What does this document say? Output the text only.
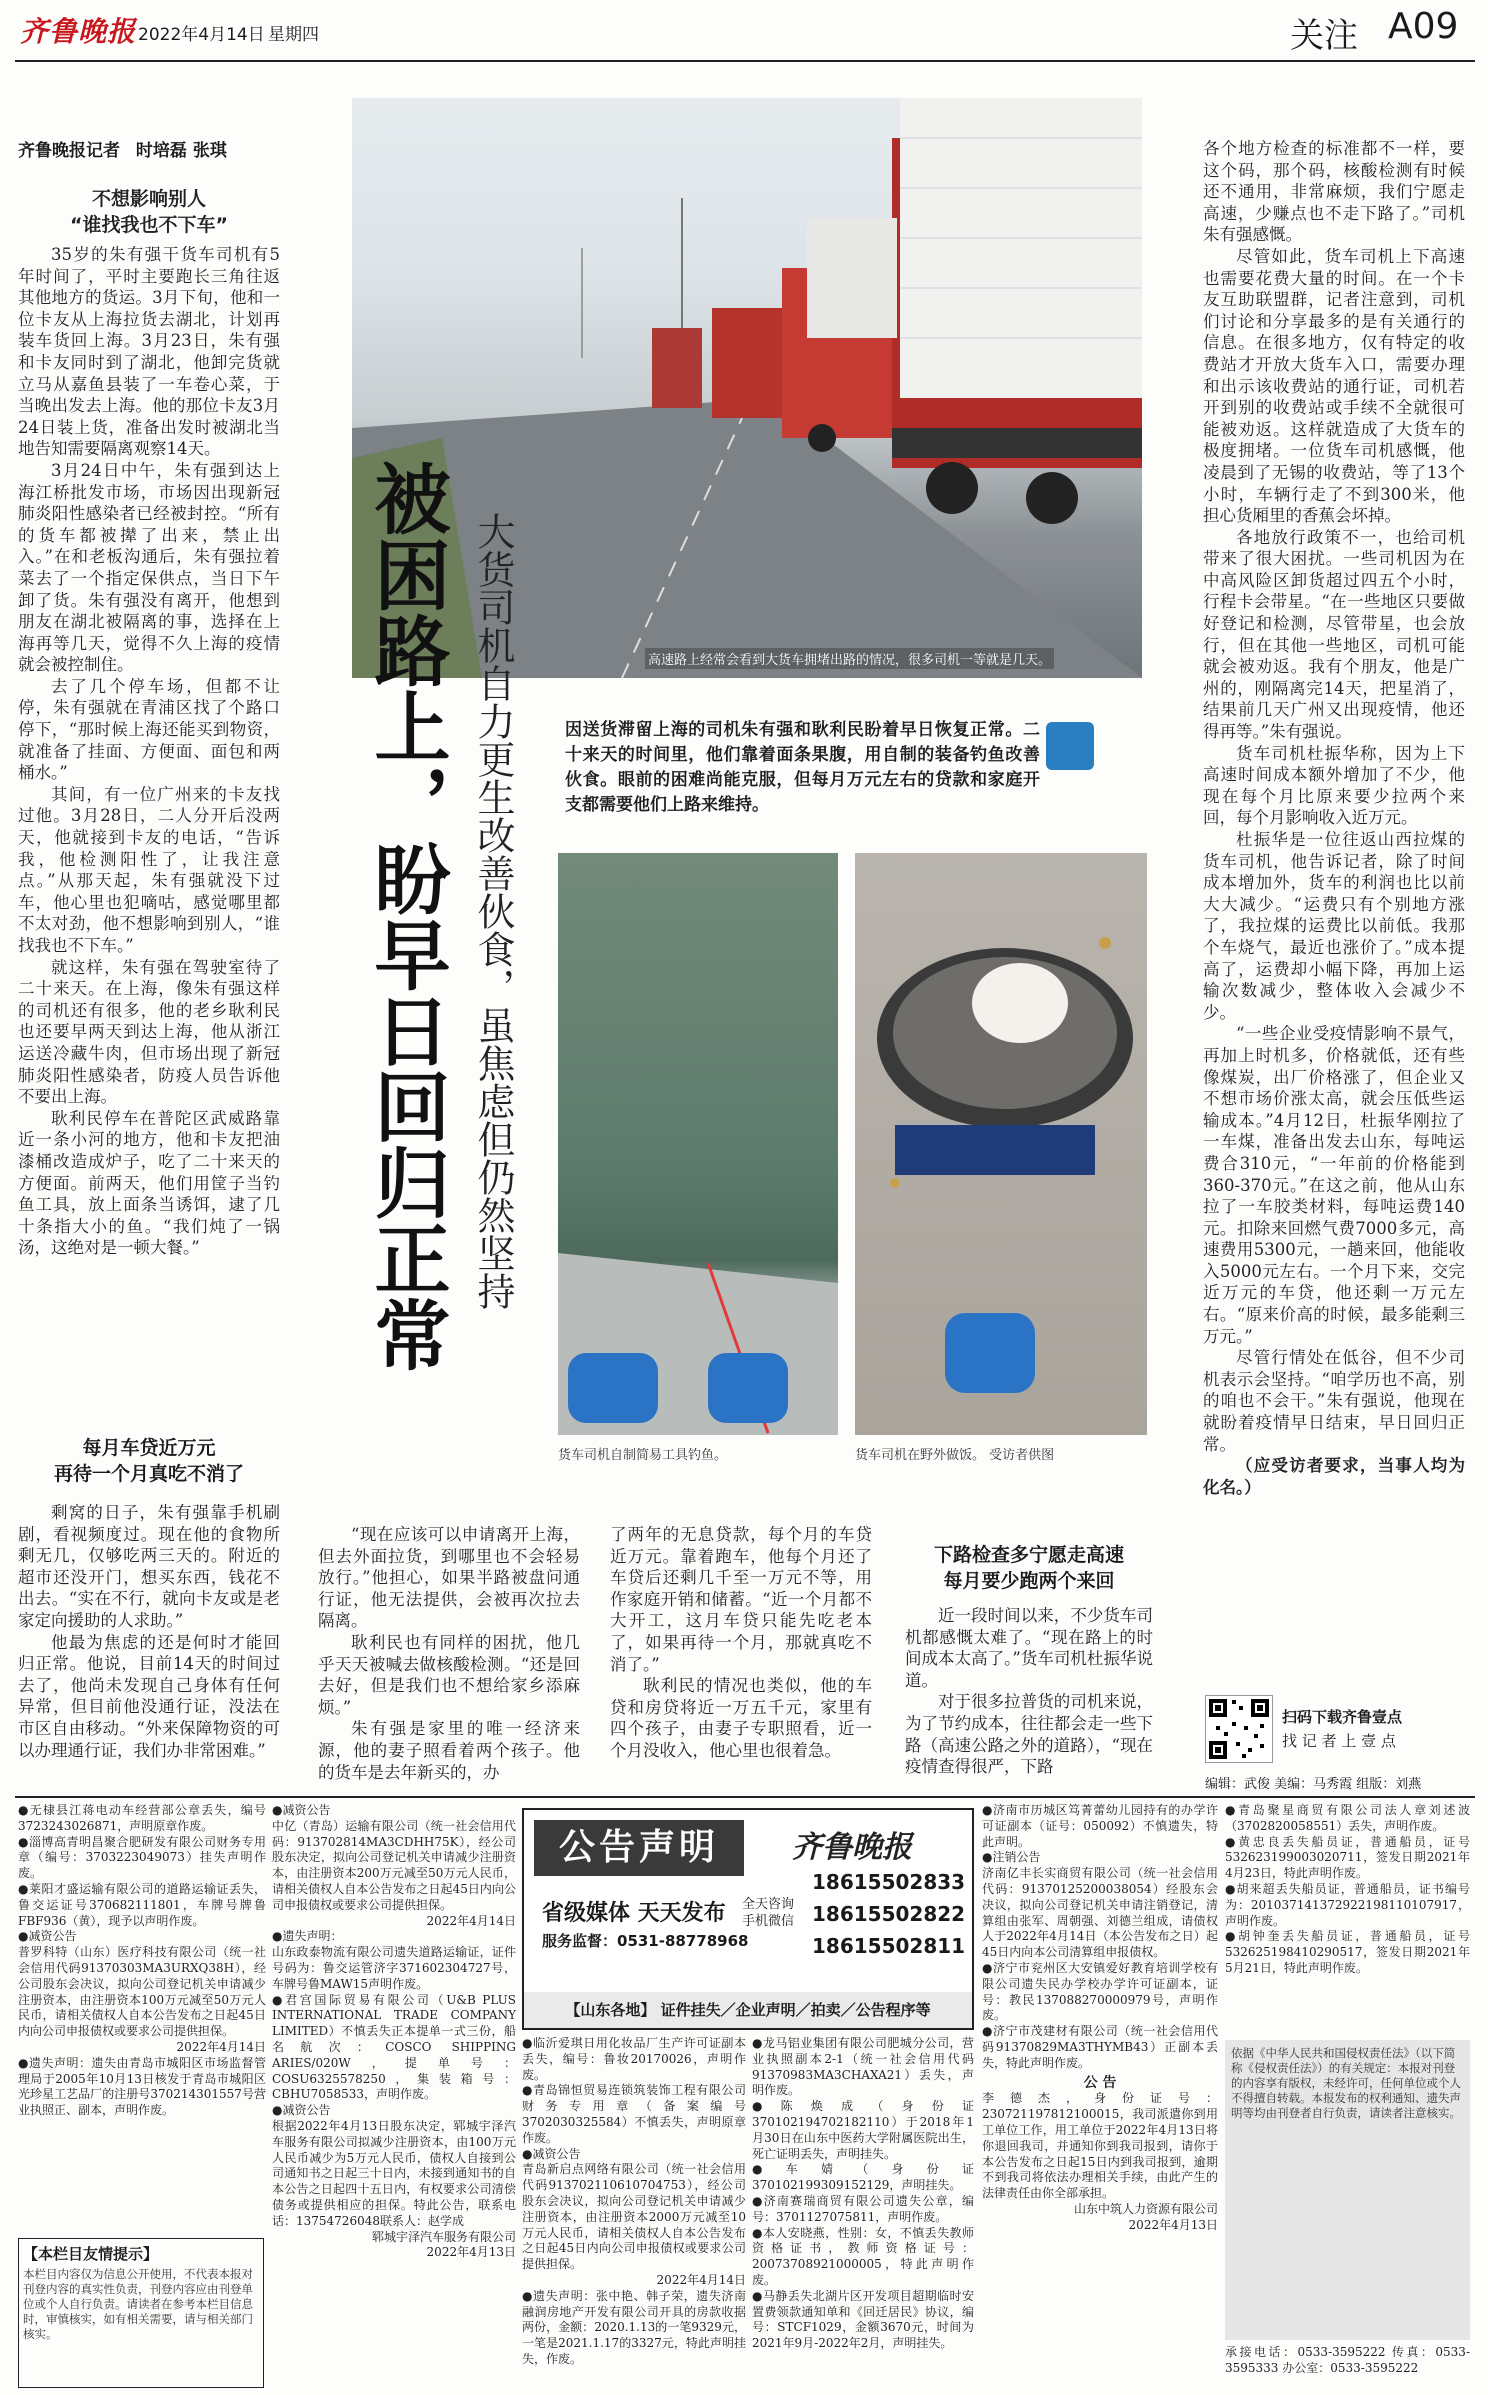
齐鲁晚报 2022年4月14日 星期四	关注 A09
齐鲁晚报记者 时培磊 张琪
不想影响别人
“谁找我也不下车”

35岁的朱有强干货车司机有5年时间了，平时主要跑长三角往返其他地方的货运。3月下旬，他和一位卡友从上海拉货去湖北，计划再装车货回上海。3月23日，朱有强和卡友同时到了湖北，他卸完货就立马从嘉鱼县装了一车卷心菜，于当晚出发去上海。他的那位卡友3月24日装上货，准备出发时被湖北当地告知需要隔离观察14天。

3月24日中午，朱有强到达上海江桥批发市场，市场因出现新冠肺炎阳性感染者已经被封控。“所有的货车都被撵了出来，禁止出入。”在和老板沟通后，朱有强拉着菜去了一个指定保供点，当日下午卸了货。朱有强没有离开，他想到朋友在湖北被隔离的事，选择在上海再等几天，觉得不久上海的疫情就会被控制住。

去了几个停车场，但都不让停，朱有强就在青浦区找了个路口停下，“那时候上海还能买到物资，就准备了挂面、方便面、面包和两桶水。”

其间，有一位广州来的卡友找过他。3月28日，二人分开后没两天，他就接到卡友的电话，“告诉我，他检测阳性了，让我注意点。”从那天起，朱有强就没下过车，他心里也犯嘀咕，感觉哪里都不太对劲，他不想影响到别人，“谁找我也不下车。”

就这样，朱有强在驾驶室待了二十来天。在上海，像朱有强这样的司机还有很多，他的老乡耿利民也还要早两天到达上海，他从浙江运送冷藏牛肉，但市场出现了新冠肺炎阳性感染者，防疫人员告诉他不要出上海。

耿利民停车在普陀区武威路靠近一条小河的地方，他和卡友把油漆桶改造成炉子，吃了二十来天的方便面。前两天，他们用筐子当钓鱼工具，放上面条当诱饵，逮了几十条指大小的鱼。“我们炖了一锅汤，这绝对是一顿大餐。”

每月车贷近万元
再待一个月真吃不消了
高速路上经常会看到大货车拥堵出路的情况，很多司机一等就是几天。
被困路上，盼早日回归正常 大货司机自力更生改善伙食，虽焦虑但仍然坚持	因送货滞留上海的司机朱有强和耿利民盼着早日恢复正常。二十来天的时间里，他们靠着面条果腹，用自制的装备钓鱼改善伙食。眼前的困难尚能克服，但每月万元左右的贷款和家庭开支都需要他们上路来维持。
货车司机自制简易工具钓鱼。	货车司机在野外做饭。 受访者供图

剩窝的日子，朱有强靠手机刷剧，看视频度过。现在他的食物所剩无几，仅够吃两三天的。附近的超市还没开门，想买东西，钱花不出去。“实在不行，就向卡友或是老家定向援助的人求助。”

他最为焦虑的还是何时才能回归正常。他说，目前14天的时间过去了，他尚未发现自己身体有任何异常，但目前他没通行证，没法在市区自由移动。“外来保障物资的可以办理通行证，我们办非常困难。”

“现在应该可以申请离开上海，但去外面拉货，到哪里也不会轻易放行。”他担心，如果半路被盘问通行证，他无法提供，会被再次拉去隔离。

耿利民也有同样的困扰，他几乎天天被喊去做核酸检测。“还是回去好，但是我们也不想给家乡添麻烦。”

朱有强是家里的唯一经济来源，他的妻子照看着两个孩子。他的货车是去年新买的，办

了两年的无息贷款，每个月的车贷近万元。靠着跑车，他每个月还了车贷后还剩几千至一万元不等，用作家庭开销和储蓄。“近一个月都不大开工，这月车贷只能先吃老本了，如果再待一个月，那就真吃不消了。”

耿利民的情况也类似，他的车贷和房贷将近一万五千元，家里有四个孩子，由妻子专职照看，近一个月没收入，他心里也很着急。

下路检查多宁愿走高速
每月要少跑两个来回

近一段时间以来，不少货车司机都感慨太难了。“现在路上的时间成本太高了。”货车司机杜振华说道。

对于很多拉普货的司机来说，为了节约成本，往往都会走一些下路（高速公路之外的道路），“现在疫情查得很严，下路

各个地方检查的标准都不一样，要这个码，那个码，核酸检测有时候还不通用，非常麻烦，我们宁愿走高速，少赚点也不走下路了。”司机朱有强感慨。

尽管如此，货车司机上下高速也需要花费大量的时间。在一个卡友互助联盟群，记者注意到，司机们讨论和分享最多的是有关通行的信息。在很多地方，仅有特定的收费站才开放大货车入口，需要办理和出示该收费站的通行证，司机若开到别的收费站或手续不全就很可能被劝返。这样就造成了大货车的极度拥堵。一位货车司机感慨，他凌晨到了无锡的收费站，等了13个小时，车辆行走了不到300米，他担心货厢里的香蕉会坏掉。

各地放行政策不一，也给司机带来了很大困扰。一些司机因为在中高风险区卸货超过四五个小时，行程卡会带星。“在一些地区只要做好登记和检测，尽管带星，也会放行，但在其他一些地区，司机可能就会被劝返。我有个朋友，他是广州的，刚隔离完14天，把星消了，结果前几天广州又出现疫情，他还得再等。”朱有强说。

货车司机杜振华称，因为上下高速时间成本额外增加了不少，他现在每个月比原来要少拉两个来回，每个月影响收入近万元。

杜振华是一位往返山西拉煤的货车司机，他告诉记者，除了时间成本增加外，货车的利润也比以前大大减少。“运费只有个别地方涨了，我拉煤的运费比以前低。我那个车烧气，最近也涨价了。”成本提高了，运费却小幅下降，再加上运输次数减少，整体收入会减少不少。

“一些企业受疫情影响不景气，再加上时机多，价格就低，还有些像煤炭，出厂价格涨了，但企业又不想市场价涨太高，就会压低些运输成本。”4月12日，杜振华刚拉了一车煤，准备出发去山东，每吨运费合310元，“一年前的价格能到360-370元。”在这之前，他从山东拉了一车胶类材料，每吨运费140元。扣除来回燃气费7000多元，高速费用5300元，一趟来回，他能收入5000元左右。一个月下来，交完近万元的车贷，他还剩一万元左右。“原来价高的时候，最多能剩三万元。”

尽管行情处在低谷，但不少司机表示会坚持。“咱学历也不高，别的咱也不会干。”朱有强说，他现在就盼着疫情早日结束，早日回归正常。

（应受访者要求，当事人均为化名。）

扫码下载齐鲁壹点
找 记 者 上 壹 点
编辑：武俊 美编：马秀霞 组版：刘燕

●无棣县江蒋电动车经营部公章丢失，编号3723243026871，声明原章作废。

●淄博高青明昌聚合肥研发有限公司财务专用章（编号：3703223049073）挂失声明作废。

●莱阳才盛运输有限公司的道路运输证丢失，鲁交运证号370682111801，车牌号牌鲁FBF936（黄），现予以声明作废。

●减资公告

普罗科特（山东）医疗科技有限公司（统一社会信用代码91370303MA3URXQ38H），经公司股东会决议，拟向公司登记机关申请减少注册资本，由注册资本100万元减至50万元人民币，请相关债权人自本公告发布之日起45日内向公司申报债权或要求公司提供担保。

2022年4月14日

●遗失声明：遗失由青岛市城阳区市场监督管理局于2005年10月13日核发于青岛市城阳区光珍星工艺品厂的注册号370214301557号营业执照正、副本，声明作废。

【本栏目友情提示】
本栏目内容仅为信息公开使用，不代表本报对刊登内容的真实性负责，刊登内容应由刊登单位或个人自行负责。请读者在参考本栏目信息时，审慎核实，如有相关需要，请与相关部门核实。

●减资公告

中亿（青岛）运输有限公司（统一社会信用代码：913702814MA3CDHH75K），经公司股东决定，拟向公司登记机关申请减少注册资本，由注册资本200万元减至50万元人民币，请相关债权人自本公告发布之日起45日内向公司申报债权或要求公司提供担保。

2022年4月14日

●遗失声明：

山东政泰物流有限公司遗失道路运输证，证件号码为：鲁交运管济字371602304727号，车牌号鲁MAW15声明作废。

●君宫国际贸易有限公司（U&B PLUS INTERNATIONAL TRADE COMPANY LIMITED）不慎丢失正本提单一式三份，船名航次：COSCO SHIPPING ARIES/020W，提单号：COSU6325578250，集装箱号：CBHU7058533，声明作废。

●减资公告

根据2022年4月13日股东决定，郓城宇泽汽车服务有限公司拟减少注册资本，由100万元人民币减少为5万元人民币，债权人自接到公司通知书之日起三十日内，未接到通知书的自本公告之日起四十五日内，有权要求公司清偿债务或提供相应的担保。特此公告，联系电话：13754726048联系人：赵学成

郓城宇泽汽车服务有限公司

2022年4月13日

公告声明	齐鲁晚报
省级媒体 天天发布
服务监督：0531-88778968
全天咨询
手机微信
18615502833
18615502822
18615502811
【山东各地】 证件挂失／企业声明／拍卖／公告程序等

●临沂爱琪日用化妆品厂生产许可证副本丢失，编号：鲁妆20170026，声明作废。

●青岛锦恒贸易连锁筑装饰工程有限公司财务专用章（备案编号3702030325584）不慎丢失，声明原章作废。

●减资公告

青岛新启点网络有限公司（统一社会信用代码91370211061070475​3），经公司股东会决议，拟向公司登记机关申请减少注册资本，由注册资本2000万元减至10万元人民币，请相关债权人自本公告发布之日起45日内向公司申报债权或要求公司提供担保。

2022年4月14日

●遗失声明：张中艳、韩子荣，遗失济南融润房地产开发有限公司开具的房款收据两份，金额：2020.1.13的一笔93​29元，一笔是2021.1.17的3327元，特此声明挂失，作废。

●龙马铝业集团有限公司肥城分公司，营业执照副本2-1（统一社会信用代码91370983MA3CHAXA21）丢失，声明作废。

●陈焕成（身份证37010219470218211​0）于2018年1月30日在山东中医药大学附属医院出生，死亡证明丢失，声明挂失。

●车婧（身份证370102199309152129，声明挂失。

●济南赛瑞商贸有限公司遗失公章，编号：3701127075811，声明作废。

●本人安晓燕，性别：女，不慎丢失教师资格证书，教师资格证号：20073708921000005，特此声明作废。

●马静丢失北湖片区开发项目超期临时安置费领款通知单和《回迁居民》协议，编号：STCF1029，金额3670元，时间为2021年9月-2022年2月，声明挂失。

●济南市历城区笃菁蕾幼儿园持有的办学许可证副本（证号：050092）不慎遗失，特此声明。

●注销公告

济南亿丰长实商贸有限公司（统一社会信用代码：91370125200038054）经股东会决议，拟向公司登记机关申请注销登记，清算组由张军、周朝强、刘德兰组成，请债权人于2022年4月14日（本公告发布之日）起45日内向本公司清算组申报债权。

●济宁市兖州区大安镇爱好教育培训学校有限公司遗失民办学校办学许可证副本，证号：教民137088270000979号，声明作废。

●济宁市茂建材有限公司（统一社会信用代码91370829MA3THYMB43）正副本丢失，特此声明作废。

公 告

李德杰，身份证号：23072119781210001​5，我司派遣你到用工单位工作，用工单位于2022年4月13日将你退回我司，并通知你到我司报到，请你于本公告发布之日起15日内到我司报到，逾期不到我司将依法办理相关手续，由此产生的法律责任由你全部承担。

山东中筑人力资源有限公司

2022年4月13日

●青岛聚星商贸有限公司法人章刘述波（3702820058551）丢失，声明作废。

●黄忠良丢失船员证，普通船员，证号5326231990030207​11，签发日期2021年4月23日，特此声明作废。

●胡来超丢失船员证，普通船员，证书编号为：201037141372922198110107917，声明作废。

●胡钟奎丢失船员证，普通船员，证号5326251984102905​17，签发日期2021年5月21日，特此声明作废。

依据《中华人民共和国侵权责任法》（以下简称《侵权责任法》）的有关规定：本报对刊登的内容享有版权，未经许可，任何单位或个人不得擅自转载。本报发布的权利通知、遗失声明等均由刊登者自行负责，请读者注意核实。
承接电话：0533-3595222 传真：0533-3595333 办公室：0533-3595222
